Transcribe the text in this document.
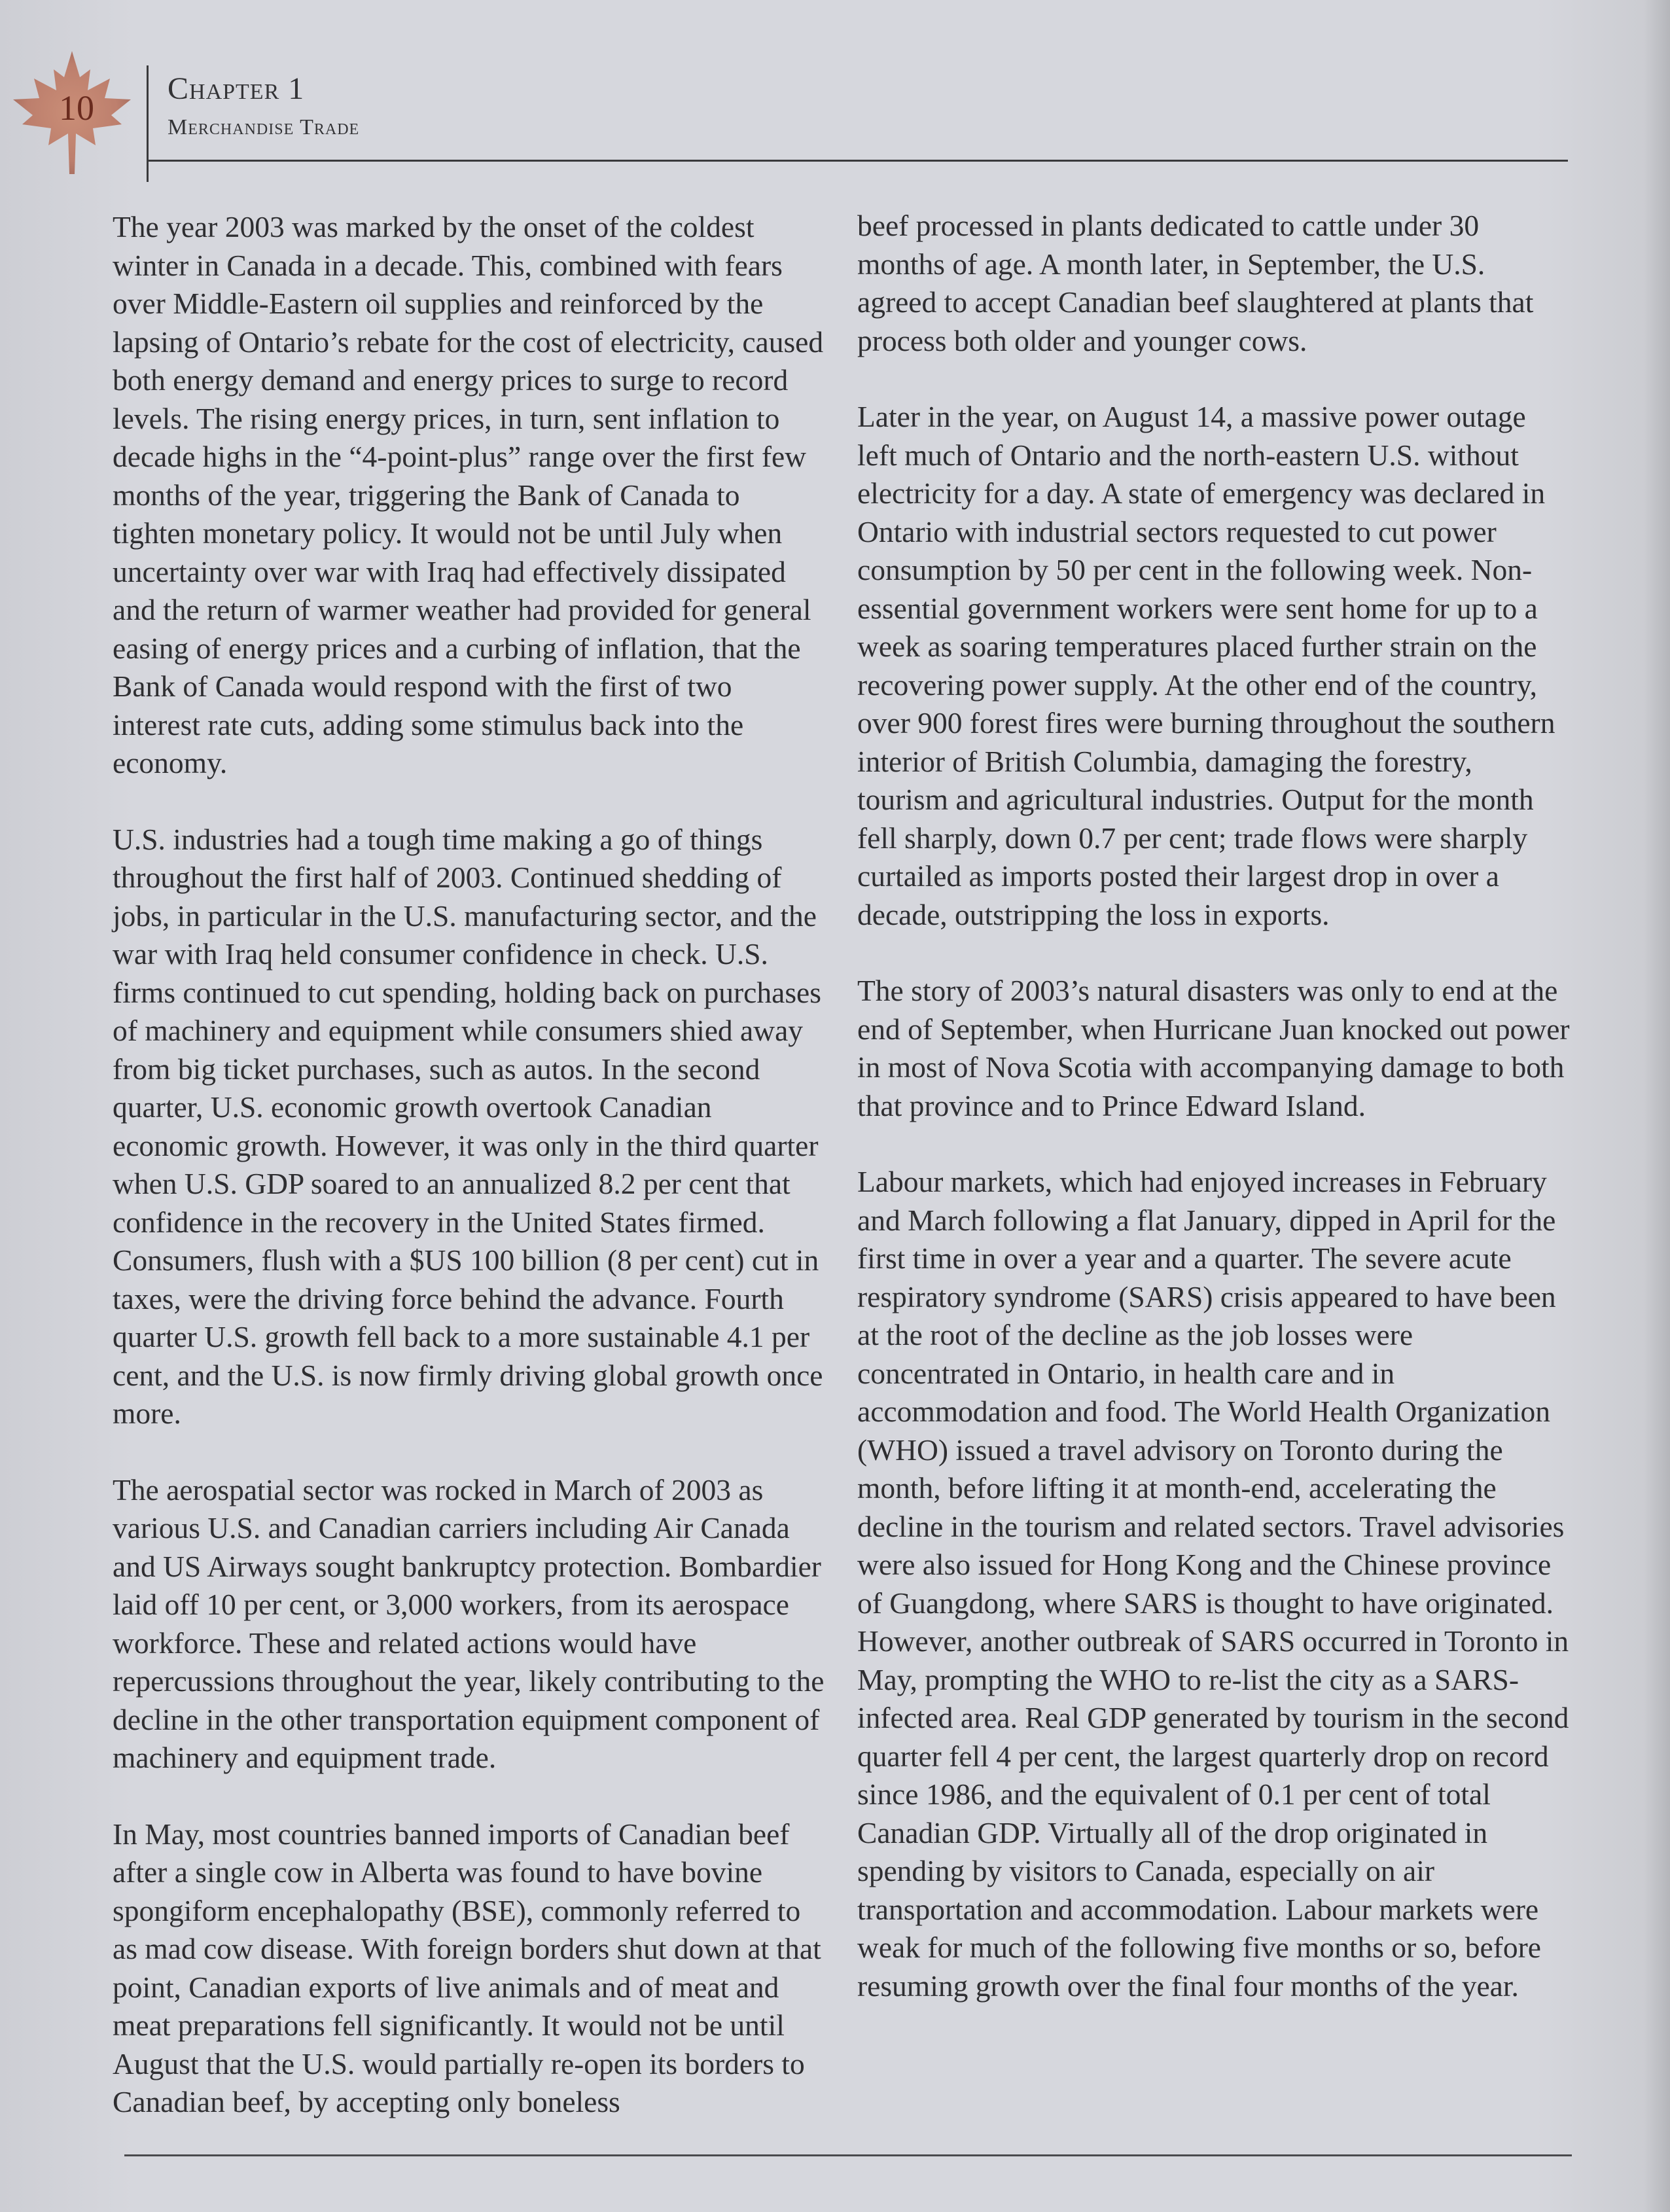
10	Chapter 1
Merchandise Trade

The year 2003 was marked by the onset of the coldest winter in Canada in a decade. This, combined with fears over Middle-Eastern oil supplies and reinforced by the lapsing of Ontario’s rebate for the cost of electricity, caused both energy demand and energy prices to surge to record levels. The rising energy prices, in turn, sent inflation to decade highs in the “4-point-plus” range over the first few months of the year, triggering the Bank of Canada to tighten monetary policy. It would not be until July when uncertainty over war with Iraq had effectively dissipated and the return of warmer weather had provided for general easing of energy prices and a curbing of inflation, that the Bank of Canada would respond with the first of two interest rate cuts, adding some stimulus back into the economy.

U.S. industries had a tough time making a go of things throughout the first half of 2003. Continued shedding of jobs, in particular in the U.S. manufacturing sector, and the war with Iraq held consumer confidence in check. U.S. firms continued to cut spending, holding back on purchases of machinery and equipment while consumers shied away from big ticket purchases, such as autos. In the second quarter, U.S. economic growth overtook Canadian economic growth. However, it was only in the third quarter when U.S. GDP soared to an annualized 8.2 per cent that confidence in the recovery in the United States firmed. Consumers, flush with a $US 100 billion (8 per cent) cut in taxes, were the driving force behind the advance. Fourth quarter U.S. growth fell back to a more sustainable 4.1 per cent, and the U.S. is now firmly driving global growth once more.

The aerospatial sector was rocked in March of 2003 as various U.S. and Canadian carriers including Air Canada and US Airways sought bankruptcy protection. Bombardier laid off 10 per cent, or 3,000 workers, from its aerospace workforce. These and related actions would have repercussions throughout the year, likely contributing to the decline in the other transportation equipment component of machinery and equipment trade.

In May, most countries banned imports of Canadian beef after a single cow in Alberta was found to have bovine spongiform encephalopathy (BSE), commonly referred to as mad cow disease. With foreign borders shut down at that point, Canadian exports of live animals and of meat and meat preparations fell significantly. It would not be until August that the U.S. would partially re-open its borders to Canadian beef, by accepting only boneless

beef processed in plants dedicated to cattle under 30 months of age. A month later, in September, the U.S. agreed to accept Canadian beef slaughtered at plants that process both older and younger cows.

Later in the year, on August 14, a massive power outage left much of Ontario and the north-eastern U.S. without electricity for a day. A state of emergency was declared in Ontario with industrial sectors requested to cut power consumption by 50 per cent in the following week. Non-essential government workers were sent home for up to a week as soaring temperatures placed further strain on the recovering power supply. At the other end of the country, over 900 forest fires were burning throughout the southern interior of British Columbia, damaging the forestry, tourism and agricultural industries. Output for the month fell sharply, down 0.7 per cent; trade flows were sharply curtailed as imports posted their largest drop in over a decade, outstripping the loss in exports.

The story of 2003’s natural disasters was only to end at the end of September, when Hurricane Juan knocked out power in most of Nova Scotia with accompanying damage to both that province and to Prince Edward Island.

Labour markets, which had enjoyed increases in February and March following a flat January, dipped in April for the first time in over a year and a quarter. The severe acute respiratory syndrome (SARS) crisis appeared to have been at the root of the decline as the job losses were concentrated in Ontario, in health care and in accommodation and food. The World Health Organization (WHO) issued a travel advisory on Toronto during the month, before lifting it at month-end, accelerating the decline in the tourism and related sectors. Travel advisories were also issued for Hong Kong and the Chinese province of Guangdong, where SARS is thought to have originated. However, another outbreak of SARS occurred in Toronto in May, prompting the WHO to re-list the city as a SARS-infected area. Real GDP generated by tourism in the second quarter fell 4 per cent, the largest quarterly drop on record since 1986, and the equivalent of 0.1 per cent of total Canadian GDP. Virtually all of the drop originated in spending by visitors to Canada, especially on air transportation and accommodation. Labour markets were weak for much of the following five months or so, before resuming growth over the final four months of the year.
